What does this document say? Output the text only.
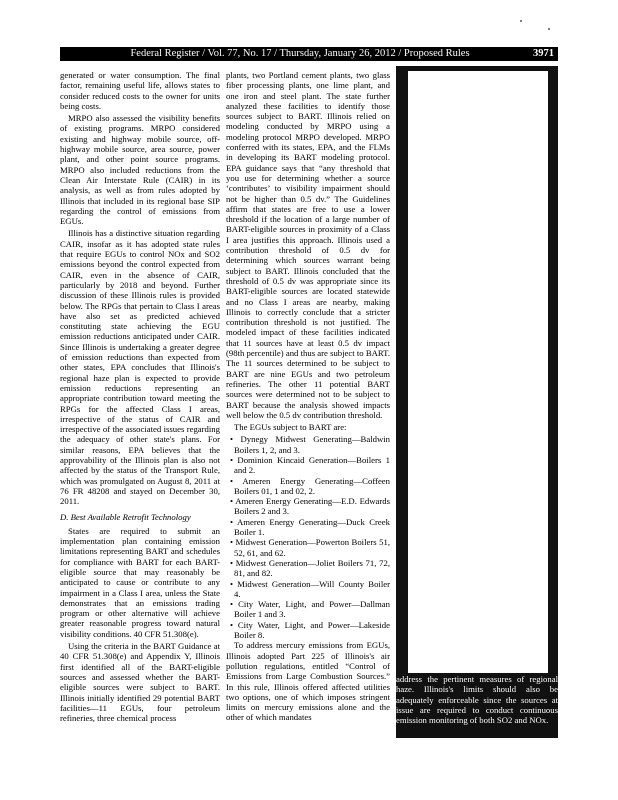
Federal Register / Vol. 77, No. 17 / Thursday, January 26, 2012 / Proposed Rules	3971

generated or water consumption. The final factor, remaining useful life, allows states to consider reduced costs to the owner for units being costs.

MRPO also assessed the visibility benefits of existing programs. MRPO considered existing and highway mobile source, off-highway mobile source, area source, power plant, and other point source programs. MRPO also included reductions from the Clean Air Interstate Rule (CAIR) in its analysis, as well as from rules adopted by Illinois that included in its regional base SIP regarding the control of emissions from EGUs.

Illinois has a distinctive situation regarding CAIR, insofar as it has adopted state rules that require EGUs to control NOx and SO2 emissions beyond the control expected from CAIR, even in the absence of CAIR, particularly by 2018 and beyond. Further discussion of these Illinois rules is provided below. The RPGs that pertain to Class I areas have also set as predicted achieved constituting state achieving the EGU emission reductions anticipated under CAIR. Since Illinois is undertaking a greater degree of emission reductions than expected from other states, EPA concludes that Illinois's regional haze plan is expected to provide emission reductions representing an appropriate contribution toward meeting the RPGs for the affected Class I areas, irrespective of the status of CAIR and irrespective of the associated issues regarding the adequacy of other state's plans. For similar reasons, EPA believes that the approvability of the Illinois plan is also not affected by the status of the Transport Rule, which was promulgated on August 8, 2011 at 76 FR 48208 and stayed on December 30, 2011.

D. Best Available Retrofit Technology

States are required to submit an implementation plan containing emission limitations representing BART and schedules for compliance with BART for each BART-eligible source that may reasonably be anticipated to cause or contribute to any impairment in a Class I area, unless the State demonstrates that an emissions trading program or other alternative will achieve greater reasonable progress toward natural visibility conditions. 40 CFR 51.308(e).

Using the criteria in the BART Guidance at 40 CFR 51.308(e) and Appendix Y, Illinois first identified all of the BART-eligible sources and assessed whether the BART-eligible sources were subject to BART. Illinois initially identified 29 potential BART facilities—11 EGUs, four petroleum refineries, three chemical process

plants, two Portland cement plants, two glass fiber processing plants, one lime plant, and one iron and steel plant. The state further analyzed these facilities to identify those sources subject to BART. Illinois relied on modeling conducted by MRPO using a modeling protocol MRPO developed. MRPO conferred with its states, EPA, and the FLMs in developing its BART modeling protocol. EPA guidance says that “any threshold that you use for determining whether a source ‘contributes’ to visibility impairment should not be higher than 0.5 dv.” The Guidelines affirm that states are free to use a lower threshold if the location of a large number of BART-eligible sources in proximity of a Class I area justifies this approach. Illinois used a contribution threshold of 0.5 dv for determining which sources warrant being subject to BART. Illinois concluded that the threshold of 0.5 dv was appropriate since its BART-eligible sources are located statewide and no Class I areas are nearby, making Illinois to correctly conclude that a stricter contribution threshold is not justified. The modeled impact of these facilities indicated that 11 sources have at least 0.5 dv impact (98th percentile) and thus are subject to BART. The 11 sources determined to be subject to BART are nine EGUs and two petroleum refineries. The other 11 potential BART sources were determined not to be subject to BART because the analysis showed impacts well below the 0.5 dv contribution threshold.

The EGUs subject to BART are:

• Dynegy Midwest Generating—Baldwin Boilers 1, 2, and 3.
• Dominion Kincaid Generation—Boilers 1 and 2.
• Ameren Energy Generating—Coffeen Boilers 01, 1 and 02, 2.
• Ameren Energy Generating—E.D. Edwards Boilers 2 and 3.
• Ameren Energy Generating—Duck Creek Boiler 1.
• Midwest Generation—Powerton Boilers 51, 52, 61, and 62.
• Midwest Generation—Joliet Boilers 71, 72, 81, and 82.
• Midwest Generation—Will County Boiler 4.
• City Water, Light, and Power—Dallman Boiler 1 and 3.
• City Water, Light, and Power—Lakeside Boiler 8.

To address mercury emissions from EGUs, Illinois adopted Part 225 of Illinois's air pollution regulations, entitled “Control of Emissions from Large Combustion Sources.” In this rule, Illinois offered affected utilities two options, one of which imposes stringent limits on mercury emissions alone and the other of which mandates

address the pertinent measures of regional haze. Illinois's limits should also be adequately enforceable since the sources at issue are required to conduct continuous emission monitoring of both SO2 and NOx.
